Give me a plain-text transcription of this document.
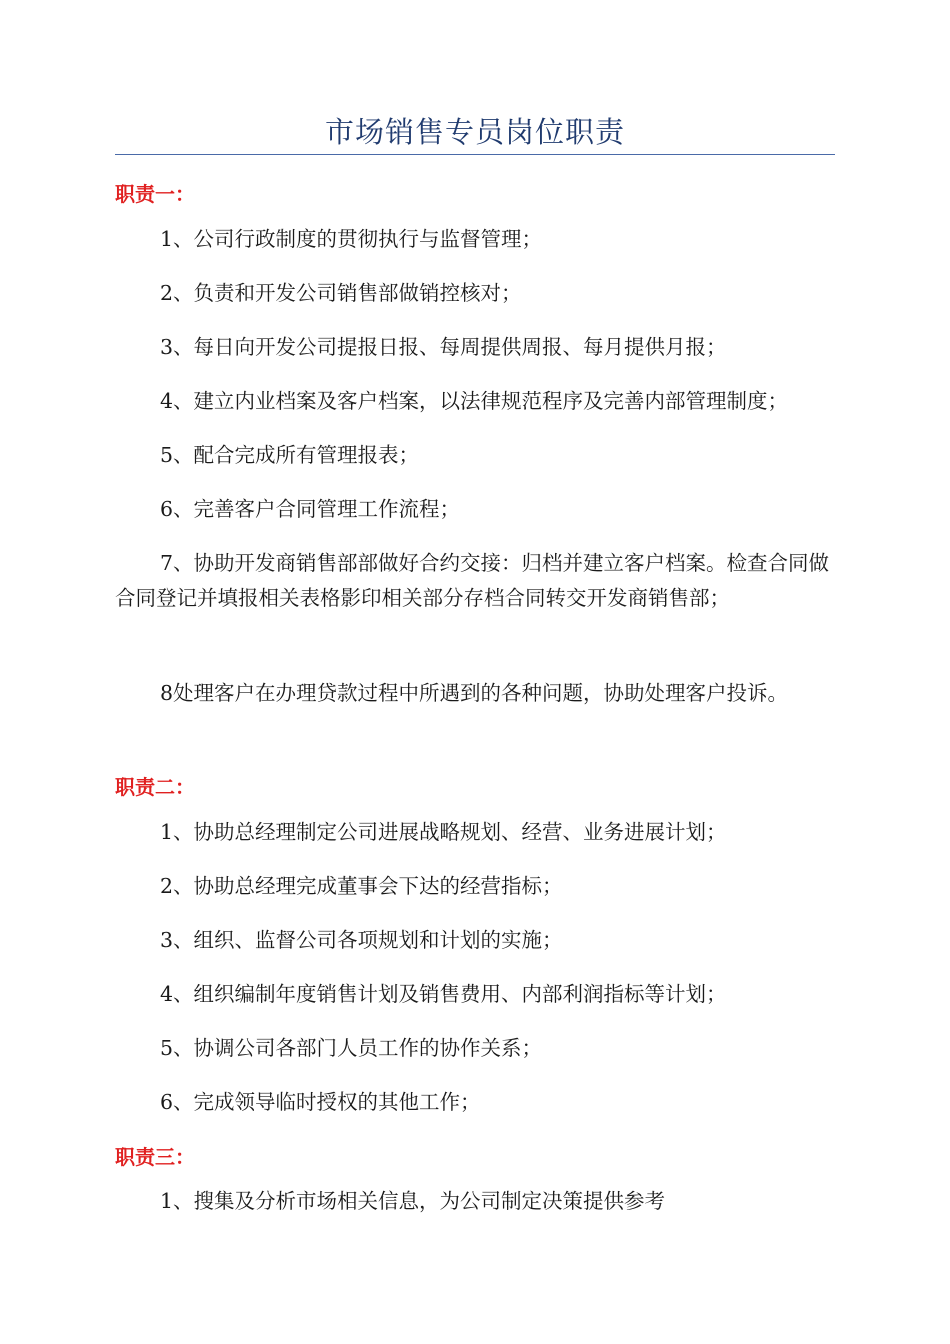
市场销售专员岗位职责
职责一：

1、公司行政制度的贯彻执行与监督管理；

2、负责和开发公司销售部做销控核对；

3、每日向开发公司提报日报、每周提供周报、每月提供月报；

4、建立内业档案及客户档案，以法律规范程序及完善内部管理制度；

5、配合完成所有管理报表；

6、完善客户合同管理工作流程；

7、协助开发商销售部部做好合约交接：归档并建立客户档案。检查合同做合同登记并填报相关表格影印相关部分存档合同转交开发商销售部；

8处理客户在办理贷款过程中所遇到的各种问题，协助处理客户投诉。

职责二：

1、协助总经理制定公司进展战略规划、经营、业务进展计划；

2、协助总经理完成董事会下达的经营指标；

3、组织、监督公司各项规划和计划的实施；

4、组织编制年度销售计划及销售费用、内部利润指标等计划；

5、协调公司各部门人员工作的协作关系；

6、完成领导临时授权的其他工作；

职责三：

1、搜集及分析市场相关信息，为公司制定决策提供参考
